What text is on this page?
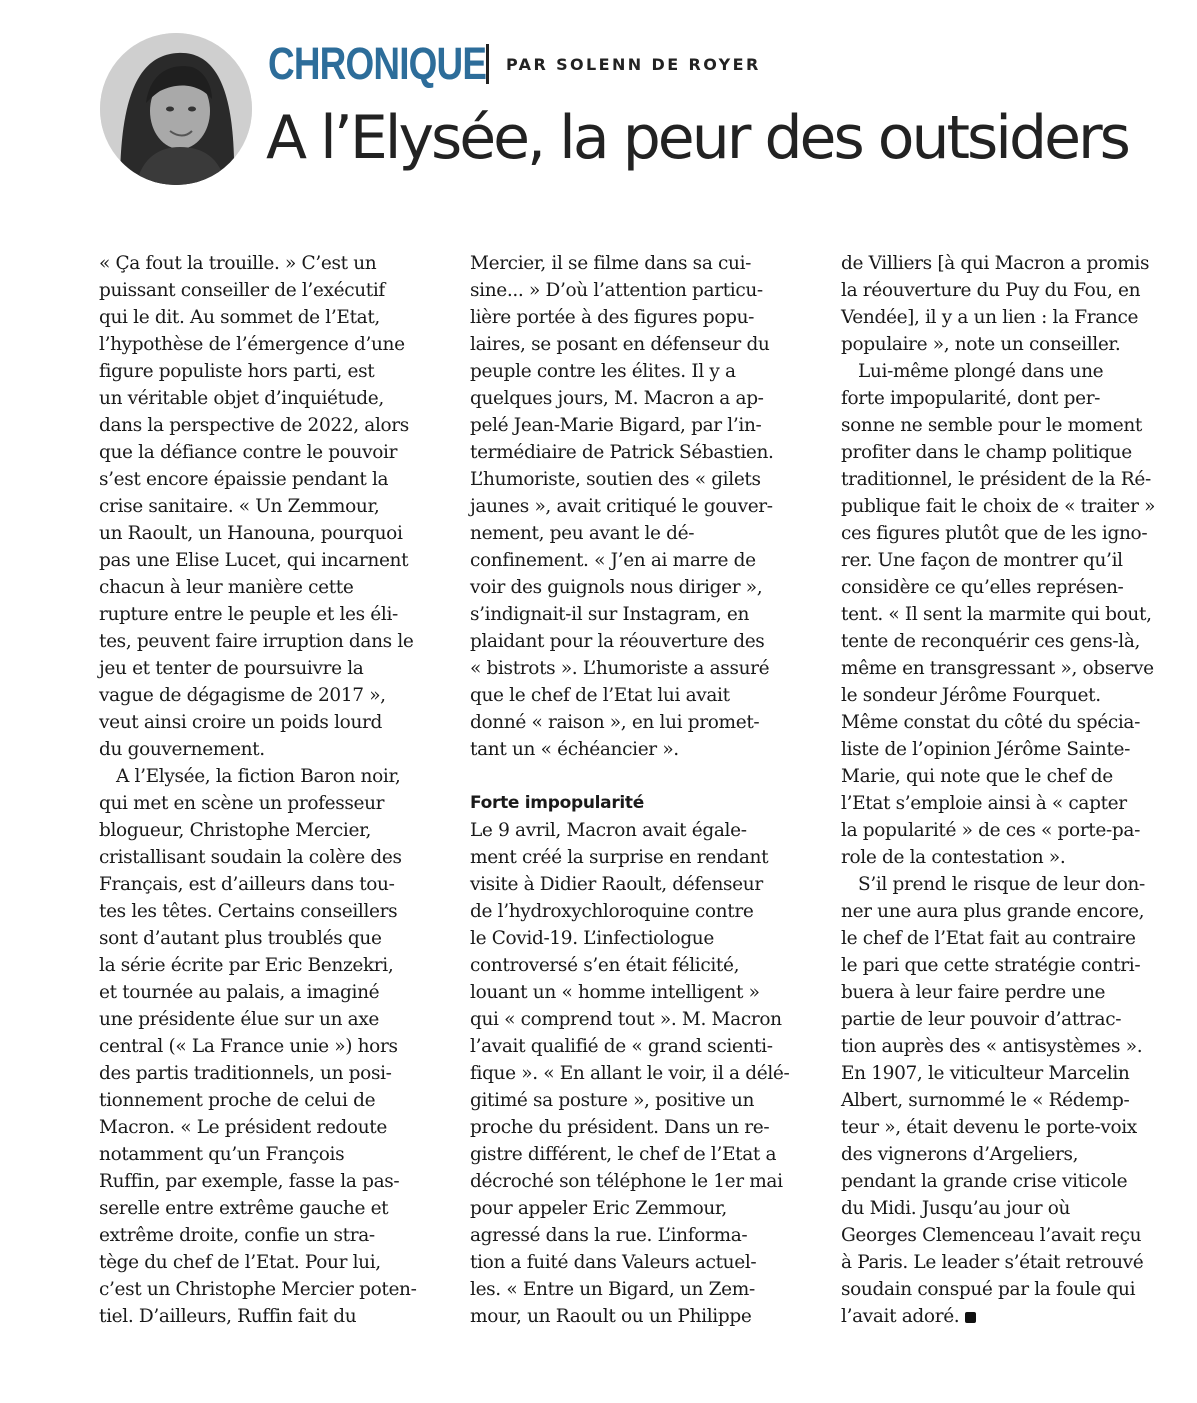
CHRONIQUE PAR SOLENN DE ROYER
A l’Elysée, la peur des outsiders
« Ça fout la trouille. » C’est un
puissant conseiller de l’exécutif
qui le dit. Au sommet de l’Etat,
l’hypothèse de l’émergence d’une
figure populiste hors parti, est
un véritable objet d’inquiétude,
dans la perspective de 2022, alors
que la défiance contre le pouvoir
s’est encore épaissie pendant la
crise sanitaire. « Un Zemmour,
un Raoult, un Hanouna, pourquoi
pas une Elise Lucet, qui incarnent
chacun à leur manière cette
rupture entre le peuple et les éli-
tes, peuvent faire irruption dans le
jeu et tenter de poursuivre la
vague de dégagisme de 2017 »,
veut ainsi croire un poids lourd
du gouvernement.
A l’Elysée, la fiction Baron noir,
qui met en scène un professeur
blogueur, Christophe Mercier,
cristallisant soudain la colère des
Français, est d’ailleurs dans tou-
tes les têtes. Certains conseillers
sont d’autant plus troublés que
la série écrite par Eric Benzekri,
et tournée au palais, a imaginé
une présidente élue sur un axe
central (« La France unie ») hors
des partis traditionnels, un posi-
tionnement proche de celui de
Macron. « Le président redoute
notamment qu’un François
Ruffin, par exemple, fasse la pas-
serelle entre extrême gauche et
extrême droite, confie un stra-
tège du chef de l’Etat. Pour lui,
c’est un Christophe Mercier poten-
tiel. D’ailleurs, Ruffin fait du
Mercier, il se filme dans sa cui-
sine... » D’où l’attention particu-
lière portée à des figures popu-
laires, se posant en défenseur du
peuple contre les élites. Il y a
quelques jours, M. Macron a ap-
pelé Jean-Marie Bigard, par l’in-
termédiaire de Patrick Sébastien.
L’humoriste, soutien des « gilets
jaunes », avait critiqué le gouver-
nement, peu avant le dé-
confinement. « J’en ai marre de
voir des guignols nous diriger »,
s’indignait-il sur Instagram, en
plaidant pour la réouverture des
« bistrots ». L’humoriste a assuré
que le chef de l’Etat lui avait
donné « raison », en lui promet-
tant un « échéancier ».
Forte impopularité
Le 9 avril, Macron avait égale-
ment créé la surprise en rendant
visite à Didier Raoult, défenseur
de l’hydroxychloroquine contre
le Covid-19. L’infectiologue
controversé s’en était félicité,
louant un « homme intelligent »
qui « comprend tout ». M. Macron
l’avait qualifié de « grand scienti-
fique ». « En allant le voir, il a délé-
gitimé sa posture », positive un
proche du président. Dans un re-
gistre différent, le chef de l’Etat a
décroché son téléphone le 1er mai
pour appeler Eric Zemmour,
agressé dans la rue. L’informa-
tion a fuité dans Valeurs actuel-
les. « Entre un Bigard, un Zem-
mour, un Raoult ou un Philippe
de Villiers [à qui Macron a promis
la réouverture du Puy du Fou, en
Vendée], il y a un lien : la France
populaire », note un conseiller.
Lui-même plongé dans une
forte impopularité, dont per-
sonne ne semble pour le moment
profiter dans le champ politique
traditionnel, le président de la Ré-
publique fait le choix de « traiter »
ces figures plutôt que de les igno-
rer. Une façon de montrer qu’il
considère ce qu’elles représen-
tent. « Il sent la marmite qui bout,
tente de reconquérir ces gens-là,
même en transgressant », observe
le sondeur Jérôme Fourquet.
Même constat du côté du spécia-
liste de l’opinion Jérôme Sainte-
Marie, qui note que le chef de
l’Etat s’emploie ainsi à « capter
la popularité » de ces « porte-pa-
role de la contestation ».
S’il prend le risque de leur don-
ner une aura plus grande encore,
le chef de l’Etat fait au contraire
le pari que cette stratégie contri-
buera à leur faire perdre une
partie de leur pouvoir d’attrac-
tion auprès des « antisystèmes ».
En 1907, le viticulteur Marcelin
Albert, surnommé le « Rédemp-
teur », était devenu le porte-voix
des vignerons d’Argeliers,
pendant la grande crise viticole
du Midi. Jusqu’au jour où
Georges Clemenceau l’avait reçu
à Paris. Le leader s’était retrouvé
soudain conspué par la foule qui
l’avait adoré.
